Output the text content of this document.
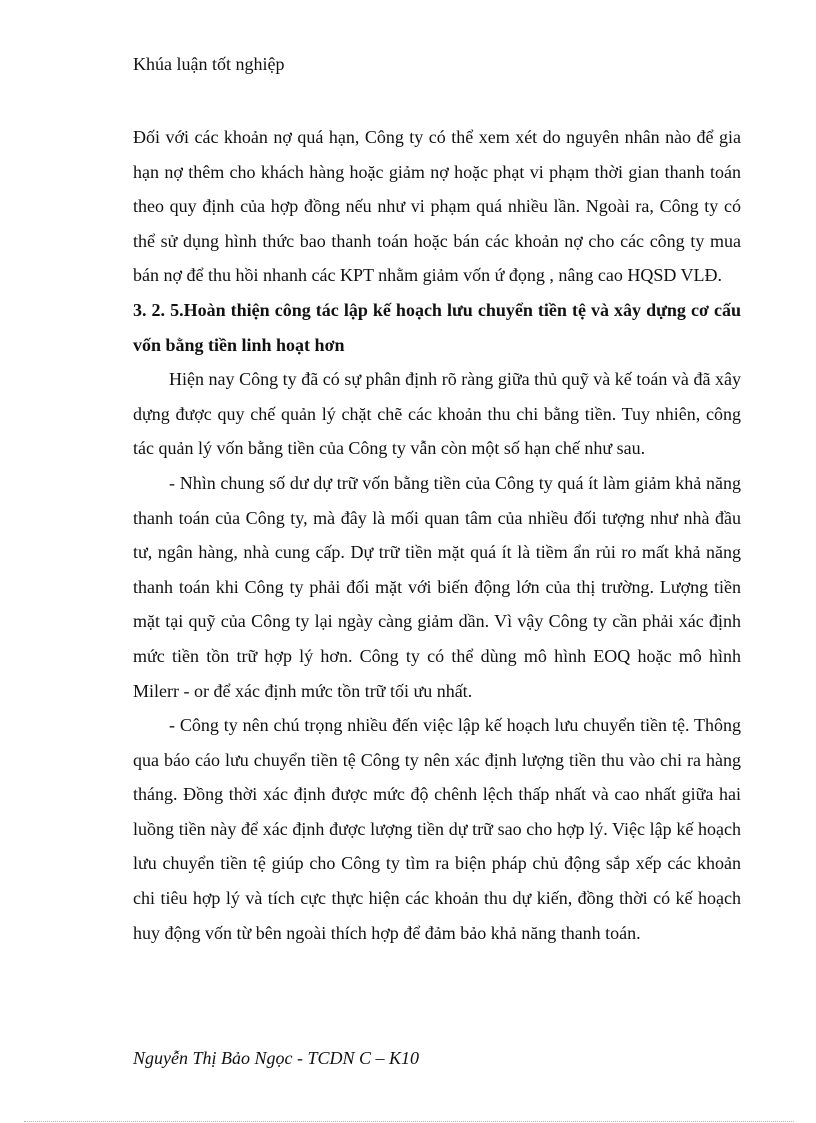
Khúa luận tốt nghiệp

Đối với các khoản nợ quá hạn, Công ty có thể xem xét do nguyên nhân nào để gia hạn nợ thêm cho khách hàng hoặc giảm nợ hoặc phạt vi phạm thời gian thanh toán theo quy định của hợp đồng nếu như vi phạm quá nhiều lần. Ngoài ra, Công ty có thể sử dụng hình thức bao thanh toán hoặc bán các khoản nợ cho các công ty mua bán nợ để thu hồi nhanh các KPT nhằm giảm vốn ứ đọng , nâng cao HQSD VLĐ.

3. 2. 5.Hoàn thiện công tác lập kế hoạch lưu chuyển tiền tệ và xây dựng cơ cấu vốn bằng tiền linh hoạt hơn

Hiện nay Công ty đã có sự phân định rõ ràng giữa thủ quỹ và kế toán và đã xây dựng được quy chế quản lý chặt chẽ các khoản thu chi bằng tiền. Tuy nhiên, công tác quản lý vốn bằng tiền của Công ty vẫn còn một số hạn chế như sau.

- Nhìn chung số dư dự trữ vốn bằng tiền của Công ty quá ít làm giảm khả năng thanh toán của Công ty, mà đây là mối quan tâm của nhiều đối tượng như nhà đầu tư, ngân hàng, nhà cung cấp. Dự trữ tiền mặt quá ít là tiềm ẩn rủi ro mất khả năng thanh toán khi Công ty phải đối mặt với biến động lớn của thị trường. Lượng tiền mặt tại quỹ của Công ty lại ngày càng giảm dần. Vì vậy Công ty cần phải xác định mức tiền tồn trữ hợp lý hơn. Công ty có thể dùng mô hình EOQ hoặc mô hình Milerr - or để xác định mức tồn trữ tối ưu nhất.

- Công ty nên chú trọng nhiều đến việc lập kế hoạch lưu chuyển tiền tệ. Thông qua báo cáo lưu chuyển tiền tệ Công ty nên xác định lượng tiền thu vào chi ra hàng tháng. Đồng thời xác định được mức độ chênh lệch thấp nhất và cao nhất giữa hai luồng tiền này để xác định được lượng tiền dự trữ sao cho hợp lý. Việc lập kế hoạch lưu chuyển tiền tệ giúp cho Công ty tìm ra biện pháp chủ động sắp xếp các khoản chi tiêu hợp lý và tích cực thực hiện các khoản thu dự kiến, đồng thời có kế hoạch huy động vốn từ bên ngoài thích hợp để đảm bảo khả năng thanh toán.

Nguyễn Thị Bảo Ngọc - TCDN C – K10
